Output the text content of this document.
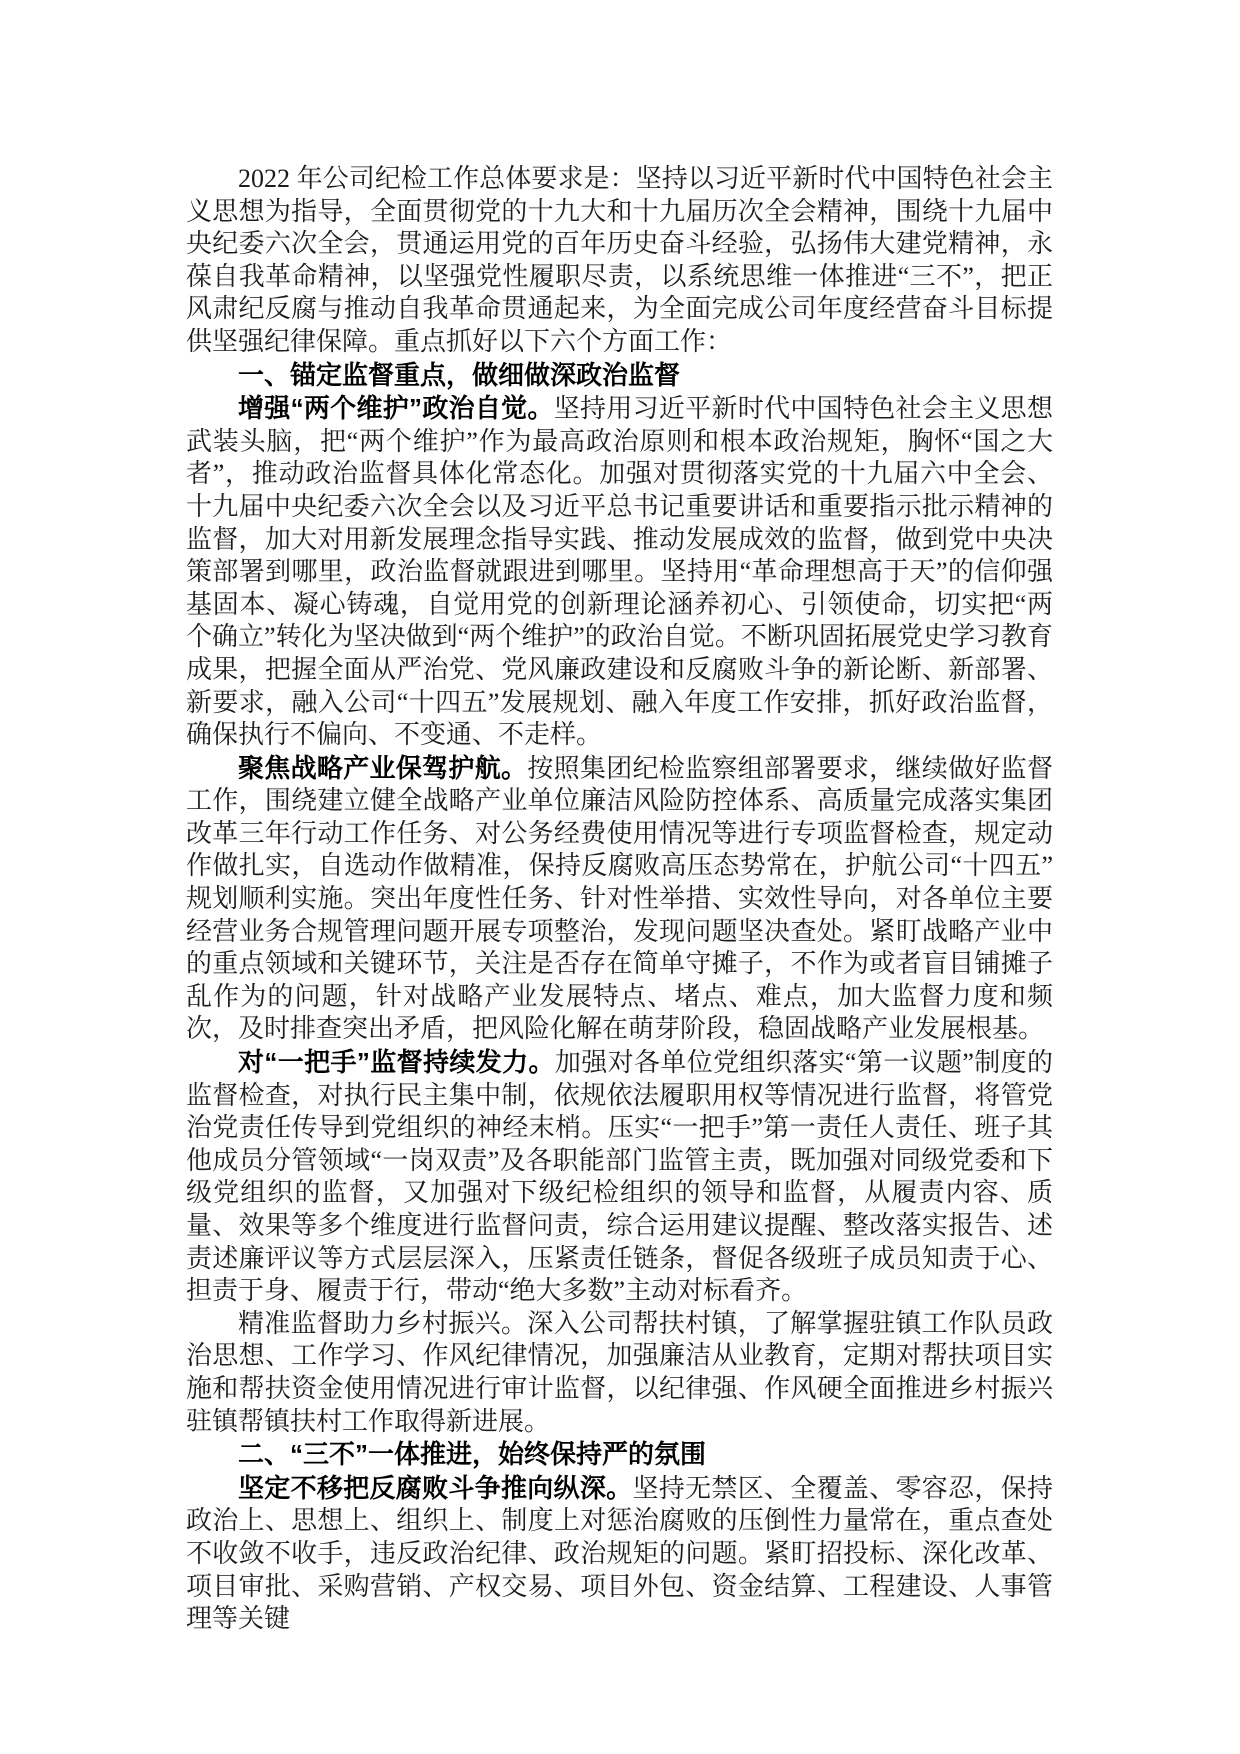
2022 年公司纪检工作总体要求是：坚持以习近平新时代中国特色社会主义思想为指导，全面贯彻党的十九大和十九届历次全会精神，围绕十九届中央纪委六次全会，贯通运用党的百年历史奋斗经验，弘扬伟大建党精神，永葆自我革命精神，以坚强党性履职尽责，以系统思维一体推进“三不”，把正风肃纪反腐与推动自我革命贯通起来，为全面完成公司年度经营奋斗目标提供坚强纪律保障。重点抓好以下六个方面工作：

一、锚定监督重点，做细做深政治监督

增强“两个维护”政治自觉。坚持用习近平新时代中国特色社会主义思想武装头脑，把“两个维护”作为最高政治原则和根本政治规矩，胸怀“国之大者”，推动政治监督具体化常态化。加强对贯彻落实党的十九届六中全会、十九届中央纪委六次全会以及习近平总书记重要讲话和重要指示批示精神的监督，加大对用新发展理念指导实践、推动发展成效的监督，做到党中央决策部署到哪里，政治监督就跟进到哪里。坚持用“革命理想高于天”的信仰强基固本、凝心铸魂，自觉用党的创新理论涵养初心、引领使命，切实把“两个确立”转化为坚决做到“两个维护”的政治自觉。不断巩固拓展党史学习教育成果，把握全面从严治党、党风廉政建设和反腐败斗争的新论断、新部署、新要求，融入公司“十四五”发展规划、融入年度工作安排，抓好政治监督，确保执行不偏向、不变通、不走样。

聚焦战略产业保驾护航。按照集团纪检监察组部署要求，继续做好监督工作，围绕建立健全战略产业单位廉洁风险防控体系、高质量完成落实集团改革三年行动工作任务、对公务经费使用情况等进行专项监督检查，规定动作做扎实，自选动作做精准，保持反腐败高压态势常在，护航公司“十四五”规划顺利实施。突出年度性任务、针对性举措、实效性导向，对各单位主要经营业务合规管理问题开展专项整治，发现问题坚决查处。紧盯战略产业中的重点领域和关键环节，关注是否存在简单守摊子，不作为或者盲目铺摊子乱作为的问题，针对战略产业发展特点、堵点、难点，加大监督力度和频次，及时排查突出矛盾，把风险化解在萌芽阶段，稳固战略产业发展根基。

对“一把手”监督持续发力。加强对各单位党组织落实“第一议题”制度的监督检查，对执行民主集中制，依规依法履职用权等情况进行监督，将管党治党责任传导到党组织的神经末梢。压实“一把手”第一责任人责任、班子其他成员分管领域“一岗双责”及各职能部门监管主责，既加强对同级党委和下级党组织的监督，又加强对下级纪检组织的领导和监督，从履责内容、质量、效果等多个维度进行监督问责，综合运用建议提醒、整改落实报告、述责述廉评议等方式层层深入，压紧责任链条，督促各级班子成员知责于心、担责于身、履责于行，带动“绝大多数”主动对标看齐。

精准监督助力乡村振兴。深入公司帮扶村镇，了解掌握驻镇工作队员政治思想、工作学习、作风纪律情况，加强廉洁从业教育，定期对帮扶项目实施和帮扶资金使用情况进行审计监督，以纪律强、作风硬全面推进乡村振兴驻镇帮镇扶村工作取得新进展。

二、“三不”一体推进，始终保持严的氛围

坚定不移把反腐败斗争推向纵深。坚持无禁区、全覆盖、零容忍，保持政治上、思想上、组织上、制度上对惩治腐败的压倒性力量常在，重点查处不收敛不收手，违反政治纪律、政治规矩的问题。紧盯招投标、深化改革、项目审批、采购营销、产权交易、项目外包、资金结算、工程建设、人事管理等关键
